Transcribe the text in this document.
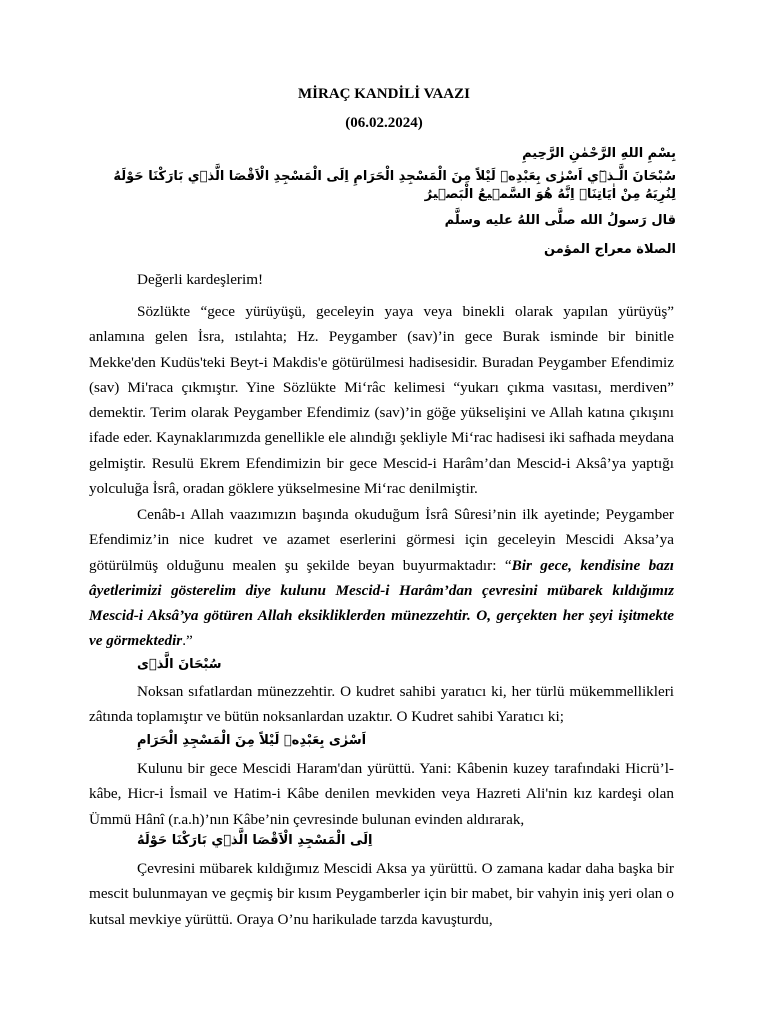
MİRAÇ KANDİLİ VAAZI
(06.02.2024)
بِسْمِ اللهِ الرَّحْمٰنِ الرَّحِيمِ
سُبْحَانَ الَّـذ۪ٓي اَسْرٰى بِعَبْدِه۪ لَيْلاً مِنَ الْمَسْجِدِ الْحَرَامِ اِلَى الْمَسْجِدِ الْاَقْصَا الَّذ۪ي بَارَكْنَا حَوْلَهُ لِنُرِيَهُ مِنْ اٰيَاتِنَاۜ اِنَّهُ هُوَ السَّم۪يعُ الْبَص۪يرُ
قال رَسولُ الله صلَّى اللهُ عليه وسلَّم
الصلاة معراج المؤمن

Değerli kardeşlerim!

Sözlükte “gece yürüyüşü, geceleyin yaya veya binekli olarak yapılan yürüyüş” anlamına gelen İsra, ıstılahta; Hz. Peygamber (sav)’in gece Burak isminde bir binitle Mekke'den Kudüs'teki Beyt-i Makdis'e götürülmesi hadisesidir. Buradan Peygamber Efendimiz (sav) Mi'raca çıkmıştır. Yine Sözlükte Mi‘râc kelimesi “yukarı çıkma vasıtası, merdiven” demektir. Terim olarak Peygamber Efendimiz (sav)’in göğe yükselişini ve Allah katına çıkışını ifade eder. Kaynaklarımızda genellikle ele alındığı şekliyle Mi‘rac hadisesi iki safhada meydana gelmiştir. Resulü Ekrem Efendimizin bir gece Mescid-i Harâm’dan Mescid-i Aksâ’ya yaptığı yolculuğa İsrâ, oradan göklere yükselmesine Mi‘rac denilmiştir.

Cenâb-ı Allah vaazımızın başında okuduğum İsrâ Sûresi’nin ilk ayetinde; Peygamber Efendimiz’in nice kudret ve azamet eserlerini görmesi için geceleyin Mescidi Aksa’ya götürülmüş olduğunu mealen şu şekilde beyan buyurmaktadır: “Bir gece, kendisine bazı âyetlerimizi gösterelim diye kulunu Mescid-i Harâm’dan çevresini mübarek kıldığımız Mescid-i Aksâ’ya götüren Allah eksikliklerden münezzehtir. O, gerçekten her şeyi işitmekte ve görmektedir.”

سُبْحَانَ الَّذ۪ى

Noksan sıfatlardan münezzehtir. O kudret sahibi yaratıcı ki, her türlü mükemmellikleri zâtında toplamıştır ve bütün noksanlardan uzaktır. O Kudret sahibi Yaratıcı ki;

اَسْرٰى بِعَبْدِه۪ لَيْلاً مِنَ الْمَسْجِدِ الْحَرَامِ

Kulunu bir gece Mescidi Haram'dan yürüttü. Yani: Kâbenin kuzey tarafındaki Hicrü’l-kâbe, Hicr-i İsmail ve Hatim-i Kâbe denilen mevkiden veya Hazreti Ali'nin kız kardeşi olan Ümmü Hânî (r.a.h)’nın Kâbe’nin çevresinde bulunan evinden aldırarak,

اِلَى الْمَسْجِدِ الْاَقْصَا الَّذ۪ي بَارَكْنَا حَوْلَهُ

Çevresini mübarek kıldığımız Mescidi Aksa ya yürüttü. O zamana kadar daha başka bir mescit bulunmayan ve geçmiş bir kısım Peygamberler için bir mabet, bir vahyin iniş yeri olan o kutsal mevkiye yürüttü. Oraya O’nu harikulade tarzda kavuşturdu,
